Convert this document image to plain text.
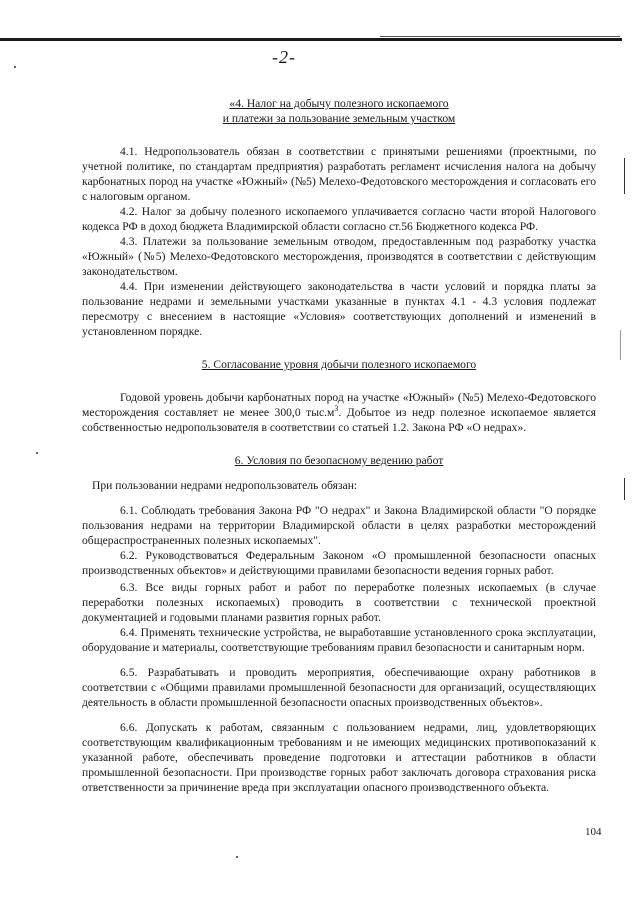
-2-

«4. Налог на добычу полезного ископаемого

и платежи за пользование земельным участком

4.1. Недропользователь обязан в соответствии с принятыми решениями (проектными, по учетной политике, по стандартам предприятия) разработать регламент исчисления налога на добычу карбонатных пород на участке «Южный» (№5) Мелехо-Федотовского месторождения и согласовать его с налоговым органом.

4.2. Налог за добычу полезного ископаемого уплачивается согласно части второй Налогового кодекса РФ в доход бюджета Владимирской области согласно ст.56 Бюджетного кодекса РФ.

4.3. Платежи за пользование земельным отводом, предоставленным под разработку участка «Южный» (№5) Мелехо-Федотовского месторождения, производятся в соответствии с действующим законодательством.

4.4. При изменении действующего законодательства в части условий и порядка платы за пользование недрами и земельными участками указанные в пунктах 4.1 - 4.3 условия подлежат пересмотру с внесением в настоящие «Условия» соответствующих дополнений и изменений в установленном порядке.

5. Согласование уровня добычи полезного ископаемого

Годовой уровень добычи карбонатных пород на участке «Южный» (№5) Мелехо-Федотовского месторождения составляет не менее 300,0 $тыс.м^3$. Добытое из недр полезное ископаемое является собственностью недропользователя в соответствии со статьей 1.2. Закона РФ «О недрах».

6. Условия по безопасному ведению работ

При пользовании недрами недропользователь обязан:

6.1. Соблюдать требования Закона РФ "О недрах" и Закона Владимирской области "О порядке пользования недрами на территории Владимирской области в целях разработки месторождений общераспространенных полезных ископаемых".

6.2. Руководствоваться Федеральным Законом «О промышленной безопасности опасных производственных объектов» и действующими правилами безопасности ведения горных работ.

6.3. Все виды горных работ и работ по переработке полезных ископаемых (в случае переработки полезных ископаемых) проводить в соответствии с технической проектной документацией и годовыми планами развития горных работ.

6.4. Применять технические устройства, не выработавшие установленного срока эксплуатации, оборудование и материалы, соответствующие требованиям правил безопасности и санитарным норм.

6.5. Разрабатывать и проводить мероприятия, обеспечивающие охрану работников в соответствии с «Общими правилами промышленной безопасности для организаций, осуществляющих деятельность в области промышленной безопасности опасных производственных объектов».

6.6. Допускать к работам, связанным с пользованием недрами, лиц, удовлетворяющих соответствующим квалификационным требованиям и не имеющих медицинских противопоказаний к указанной работе, обеспечивать проведение подготовки и аттестации работников в области промышленной безопасности. При производстве горных работ заключать договора страхования риска ответственности за причинение вреда при эксплуатации опасного производственного объекта.

104
